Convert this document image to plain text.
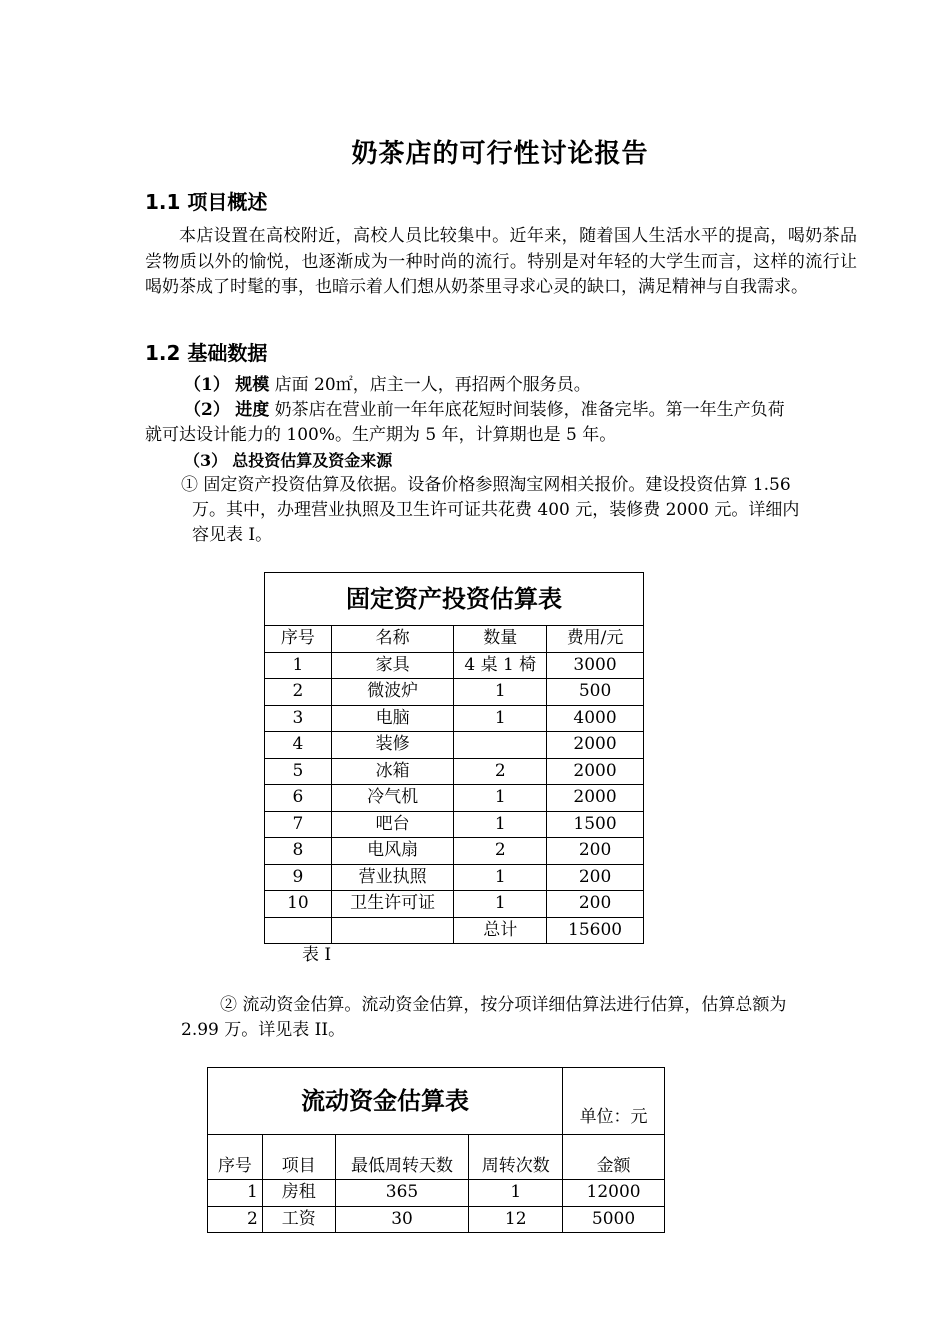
奶茶店的可行性讨论报告
1.1 项目概述
本店设置在高校附近，高校人员比较集中。近年来，随着国人生活水平的提高，喝奶茶品尝物质以外的愉悦，也逐渐成为一种时尚的流行。特别是对年轻的大学生而言，这样的流行让喝奶茶成了时髦的事，也暗示着人们想从奶茶里寻求心灵的缺口，满足精神与自我需求。
1.2 基础数据
（1） 规模 店面 20㎡，店主一人，再招两个服务员。
（2） 进度 奶茶店在营业前一年年底花短时间装修，准备完毕。第一年生产负荷
就可达设计能力的 100%。生产期为 5 年，计算期也是 5 年。
（3） 总投资估算及资金来源
① 固定资产投资估算及依据。设备价格参照淘宝网相关报价。建设投资估算 1.56
万。其中，办理营业执照及卫生许可证共花费 400 元，装修费 2000 元。详细内
容见表 I。
固定资产投资估算表			
序号	名称	数量	费用/元
1	家具	4 桌 1 椅	3000
2	微波炉	1	500
3	电脑	1	4000
4	装修		2000
5	冰箱	2	2000
6	冷气机	1	2000
7	吧台	1	1500
8	电风扇	2	200
9	营业执照	1	200
10	卫生许可证	1	200
		总计	15600
表 I
② 流动资金估算。流动资金估算，按分项详细估算法进行估算，估算总额为
2.99 万。详见表 II。
流动资金估算表				单位：元
序号	项目	最低周转天数	周转次数	金额
1	房租	365	1	12000
2	工资	30	12	5000
